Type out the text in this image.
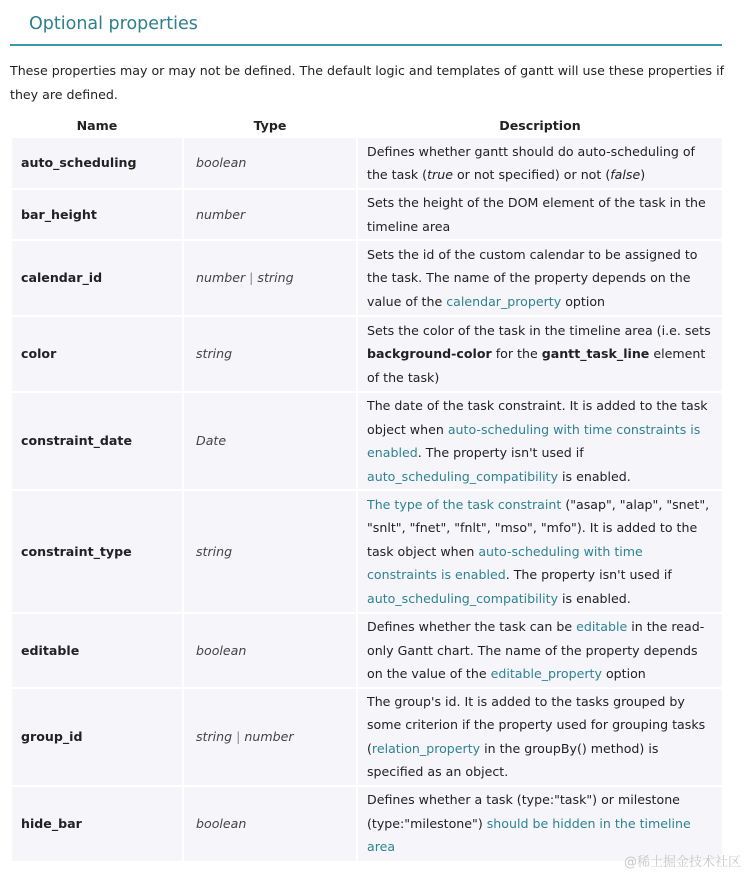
Optional properties
These properties may or may not be defined. The default logic and templates of gantt will use these properties if they are defined.
Name	Type	Description
auto_scheduling	boolean	Defines whether gantt should do auto-scheduling of the task (true or not specified) or not (false)
bar_height	number	Sets the height of the DOM element of the task in the timeline area
calendar_id	number | string	Sets the id of the custom calendar to be assigned to the task. The name of the property depends on the value of the calendar_property option
color	string	Sets the color of the task in the timeline area (i.e. sets background-color for the gantt_task_line element of the task)
constraint_date	Date	The date of the task constraint. It is added to the task object when auto-scheduling with time constraints is enabled. The property isn't used if auto_scheduling_compatibility is enabled.
constraint_type	string	The type of the task constraint ("asap", "alap", "snet", "snlt", "fnet", "fnlt", "mso", "mfo"). It is added to the task object when auto-scheduling with time constraints is enabled. The property isn't used if auto_scheduling_compatibility is enabled.
editable	boolean	Defines whether the task can be editable in the read-only Gantt chart. The name of the property depends on the value of the editable_property option
group_id	string | number	The group's id. It is added to the tasks grouped by some criterion if the property used for grouping tasks (relation_property in the groupBy() method) is specified as an object.
hide_bar	boolean	Defines whether a task (type:"task") or milestone (type:"milestone") should be hidden in the timeline area
@稀土掘金技术社区
